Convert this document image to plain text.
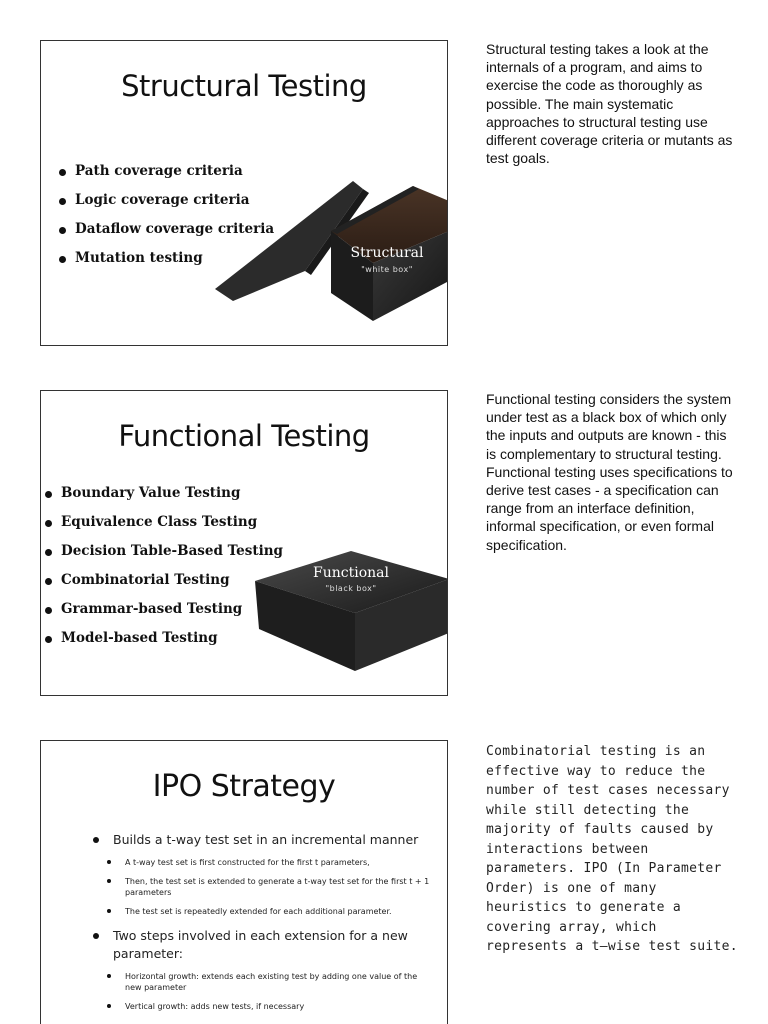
Structural Testing
Path coverage criteria
Logic coverage criteria
Dataflow coverage criteria
Mutation testing	Structural
"white box"
Structural testing takes a look at the internals of a program, and aims to exercise the code as thoroughly as possible. The main systematic approaches to structural testing use different coverage criteria or mutants as test goals.
Functional Testing
Boundary Value Testing
Equivalence Class Testing
Decision Table-Based Testing
Combinatorial Testing
Grammar-based Testing
Model-based Testing
Functional
"black box"
Functional testing considers the system under test as a black box of which only the inputs and outputs are known - this is complementary to structural testing. Functional testing uses specifications to derive test cases - a specification can range from an interface definition, informal specification, or even formal specification.
IPO Strategy
Builds a t-way test set in an incremental manner
A t-way test set is first constructed for the first t parameters,
Then, the test set is extended to generate a t-way test set for the first t + 1 parameters
The test set is repeatedly extended for each additional parameter.
Two steps involved in each extension for a new parameter:
Horizontal growth: extends each existing test by adding one value of the new parameter
Vertical growth: adds new tests, if necessary
Combinatorial testing is an effective way to reduce the number of test cases necessary while still detecting the majority of faults caused by interactions between parameters. IPO (In Parameter Order) is one of many heuristics to generate a covering array, which represents a t–wise test suite.
